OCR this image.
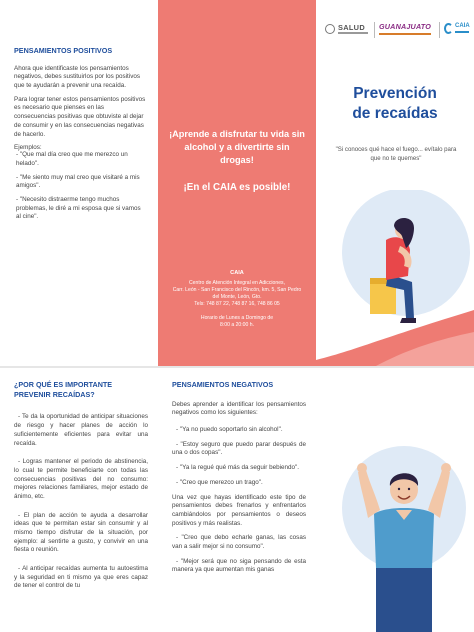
PENSAMIENTOS POSITIVOS

Ahora que identificaste los pensamientos negativos, debes sustituirlos por los positivos que te ayudarán a prevenir una recaída.

Para lograr tener estos pensamientos positivos es necesario que pienses en las consecuencias positivas que obtuviste al dejar de consumir y en las consecuencias negativas de hacerlo.

Ejemplos:
- "Que mal día creo que me merezco un helado".
- "Me siento muy mal creo que visitaré a mis amigos".
- "Necesito distraerme tengo muchos problemas, le diré a mi esposa que si vamos al cine".
¡Aprende a disfrutar tu vida sin alcohol y a divertirte sin drogas!
¡En el CAIA es posible!
CAIA
Centro de Atención Integral en Adicciones,
Carr. León - San Francisco del Rincón, km. 5, San Pedro del Monte, León, Gto.
Tels: 748 87 22, 748 87 16, 748 86 05
Horario de Lunes a Domingo de
8:00 a 20:00 h.
SALUD GUANAJUATO	CAIA
Prevención
de recaídas
"Si conoces qué hace el fuego... evítalo para que no te quemes"
¿POR QUÉ ES IMPORTANTE PREVENIR RECAÍDAS?

- Te da la oportunidad de anticipar situaciones de riesgo y hacer planes de acción lo suficientemente eficientes para evitar una recaída.

- Logras mantener el periodo de abstinencia, lo cual te permite beneficiarte con todas las consecuencias positivas del no consumo: mejores relaciones familiares, mejor estado de ánimo, etc.

- El plan de acción te ayuda a desarrollar ideas que te permitan estar sin consumir y al mismo tiempo disfrutar de la situación, por ejemplo: al sentirte a gusto, y convivir en una fiesta o reunión.

- Al anticipar recaídas aumenta tu autoestima y la seguridad en ti mismo ya que eres capaz de tener el control de tu

PENSAMIENTOS NEGATIVOS

Debes aprender a identificar los pensamientos negativos como los siguientes:

- "Ya no puedo soportarlo sin alcohol".
- "Estoy seguro que puedo parar después de una o dos copas".
- "Ya la regué qué más da seguir bebiendo".
- "Creo que merezco un trago".

Una vez que hayas identificado este tipo de pensamientos debes frenarlos y enfrentarlos cambiándolos por pensamientos o deseos positivos y más realistas.

- "Creo que debo echarle ganas, las cosas van a salir mejor si no consumo".
- "Mejor será que no siga pensando de esta manera ya que aumentan mis ganas
